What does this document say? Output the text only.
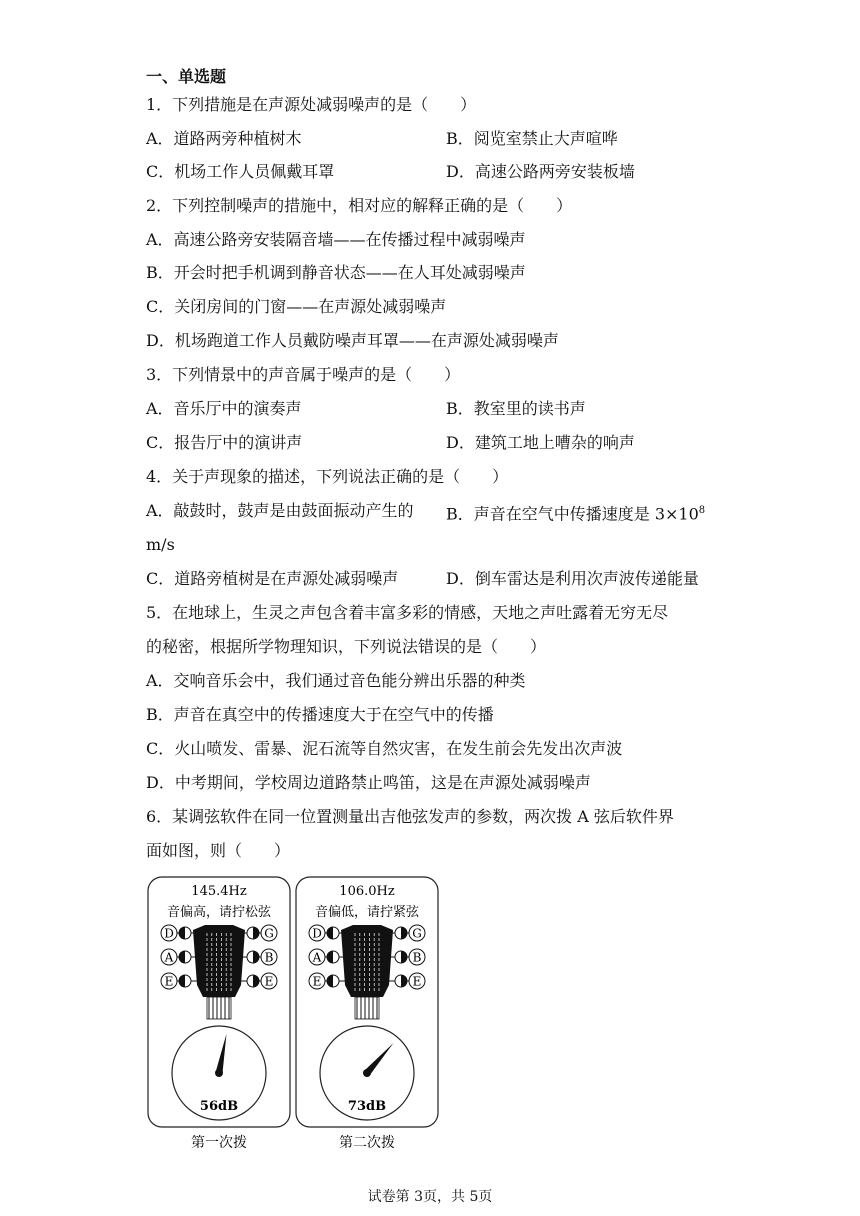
一、单选题
1．下列措施是在声源处减弱噪声的是（　　）
A．道路两旁种植树木	B．阅览室禁止大声喧哗
C．机场工作人员佩戴耳罩	D．高速公路两旁安装板墙
2．下列控制噪声的措施中，相对应的解释正确的是（　　）
A．高速公路旁安装隔音墙——在传播过程中减弱噪声
B．开会时把手机调到静音状态——在人耳处减弱噪声
C．关闭房间的门窗——在声源处减弱噪声
D．机场跑道工作人员戴防噪声耳罩——在声源处减弱噪声
3．下列情景中的声音属于噪声的是（　　）
A．音乐厅中的演奏声	B．教室里的读书声
C．报告厅中的演讲声	D．建筑工地上嘈杂的响声
4．关于声现象的描述，下列说法正确的是（　　）
A．敲鼓时，鼓声是由鼓面振动产生的 B．声音在空气中传播速度是 $3\times 10^8$
m/s
C．道路旁植树是在声源处减弱噪声	D．倒车雷达是利用次声波传递能量
5．在地球上，生灵之声包含着丰富多彩的情感，天地之声吐露着无穷无尽
的秘密，根据所学物理知识，下列说法错误的是（　　）
A．交响音乐会中，我们通过音色能分辨出乐器的种类
B．声音在真空中的传播速度大于在空气中的传播
C．火山喷发、雷暴、泥石流等自然灾害，在发生前会先发出次声波
D．中考期间，学校周边道路禁止鸣笛，这是在声源处减弱噪声
6．某调弦软件在同一位置测量出吉他弦发声的参数，两次拨 A 弦后软件界
面如图，则（　　）
145.4Hz
音偏高，请拧松弦
D	G
A	B
E	E
56dB
106.0Hz
音偏低，请拧紧弦
D	G
A	B
E	E
73dB
第一次拨	第二次拨
试卷第 3页，共 5页
